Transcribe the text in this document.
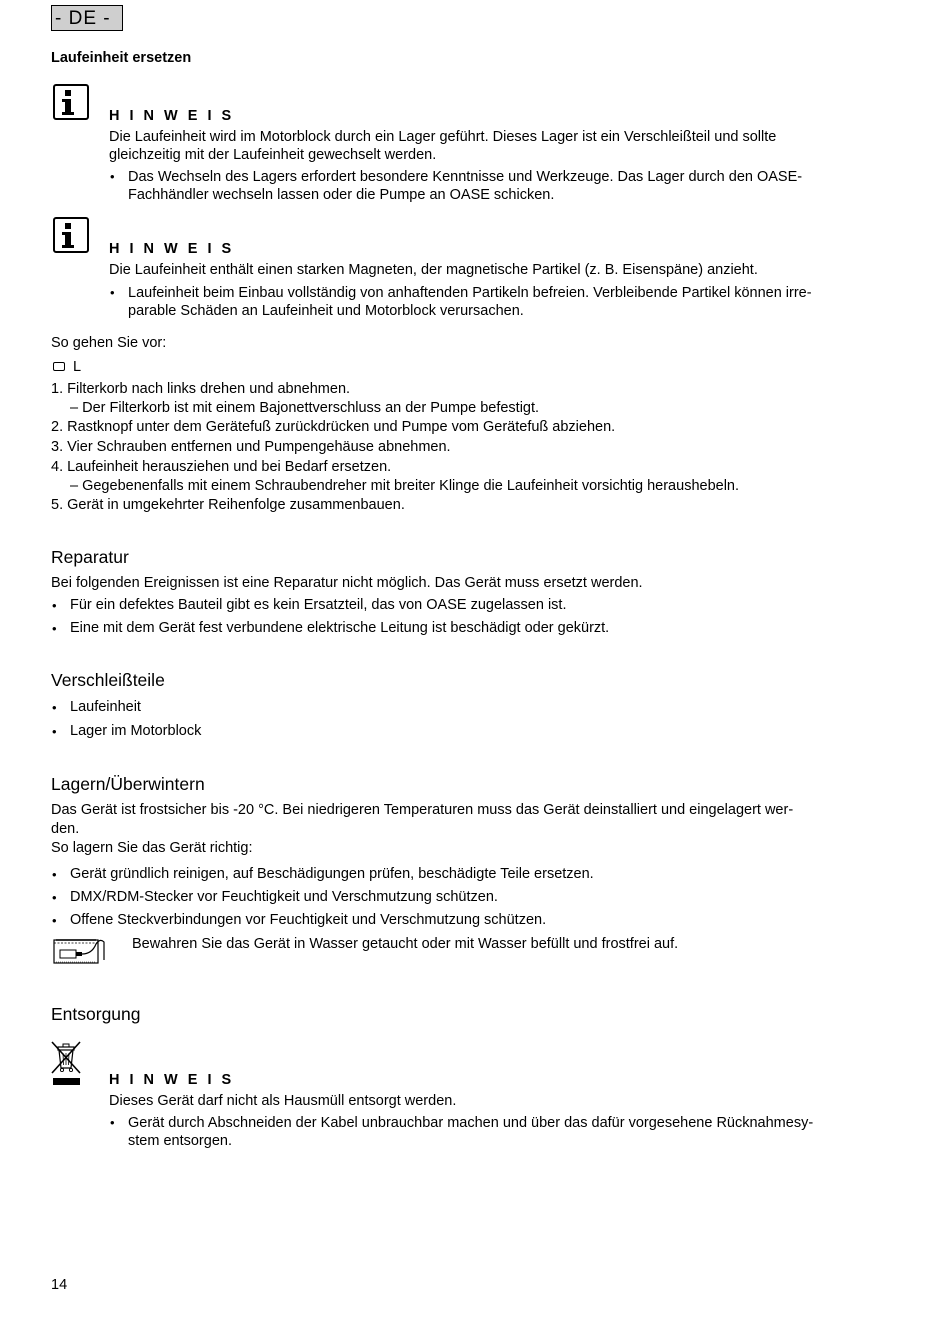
- DE -
Laufeinheit ersetzen
H I N W E I S
Die Laufeinheit wird im Motorblock durch ein Lager geführt. Dieses Lager ist ein Verschleißteil und sollte
gleichzeitig mit der Laufeinheit gewechselt werden.
• Das Wechseln des Lagers erfordert besondere Kenntnisse und Werkzeuge. Das Lager durch den OASE-
Fachhändler wechseln lassen oder die Pumpe an OASE schicken.
H I N W E I S
Die Laufeinheit enthält einen starken Magneten, der magnetische Partikel (z. B. Eisenspäne) anzieht.
• Laufeinheit beim Einbau vollständig von anhaftenden Partikeln befreien. Verbleibende Partikel können irre-
parable Schäden an Laufeinheit und Motorblock verursachen.
So gehen Sie vor:
L
1. Filterkorb nach links drehen und abnehmen.
– Der Filterkorb ist mit einem Bajonettverschluss an der Pumpe befestigt.
2. Rastknopf unter dem Gerätefuß zurückdrücken und Pumpe vom Gerätefuß abziehen.
3. Vier Schrauben entfernen und Pumpengehäuse abnehmen.
4. Laufeinheit herausziehen und bei Bedarf ersetzen.
– Gegebenenfalls mit einem Schraubendreher mit breiter Klinge die Laufeinheit vorsichtig heraushebeln.
5. Gerät in umgekehrter Reihenfolge zusammenbauen.
Reparatur
Bei folgenden Ereignissen ist eine Reparatur nicht möglich. Das Gerät muss ersetzt werden.
• Für ein defektes Bauteil gibt es kein Ersatzteil, das von OASE zugelassen ist.
• Eine mit dem Gerät fest verbundene elektrische Leitung ist beschädigt oder gekürzt.
Verschleißteile
• Laufeinheit
• Lager im Motorblock
Lagern/Überwintern
Das Gerät ist frostsicher bis -20 °C. Bei niedrigeren Temperaturen muss das Gerät deinstalliert und eingelagert wer-
den.
So lagern Sie das Gerät richtig:
• Gerät gründlich reinigen, auf Beschädigungen prüfen, beschädigte Teile ersetzen.
• DMX/RDM-Stecker vor Feuchtigkeit und Verschmutzung schützen.
• Offene Steckverbindungen vor Feuchtigkeit und Verschmutzung schützen.
Bewahren Sie das Gerät in Wasser getaucht oder mit Wasser befüllt und frostfrei auf.
Entsorgung
H I N W E I S
Dieses Gerät darf nicht als Hausmüll entsorgt werden.
• Gerät durch Abschneiden der Kabel unbrauchbar machen und über das dafür vorgesehene Rücknahmesy-
stem entsorgen.
14
